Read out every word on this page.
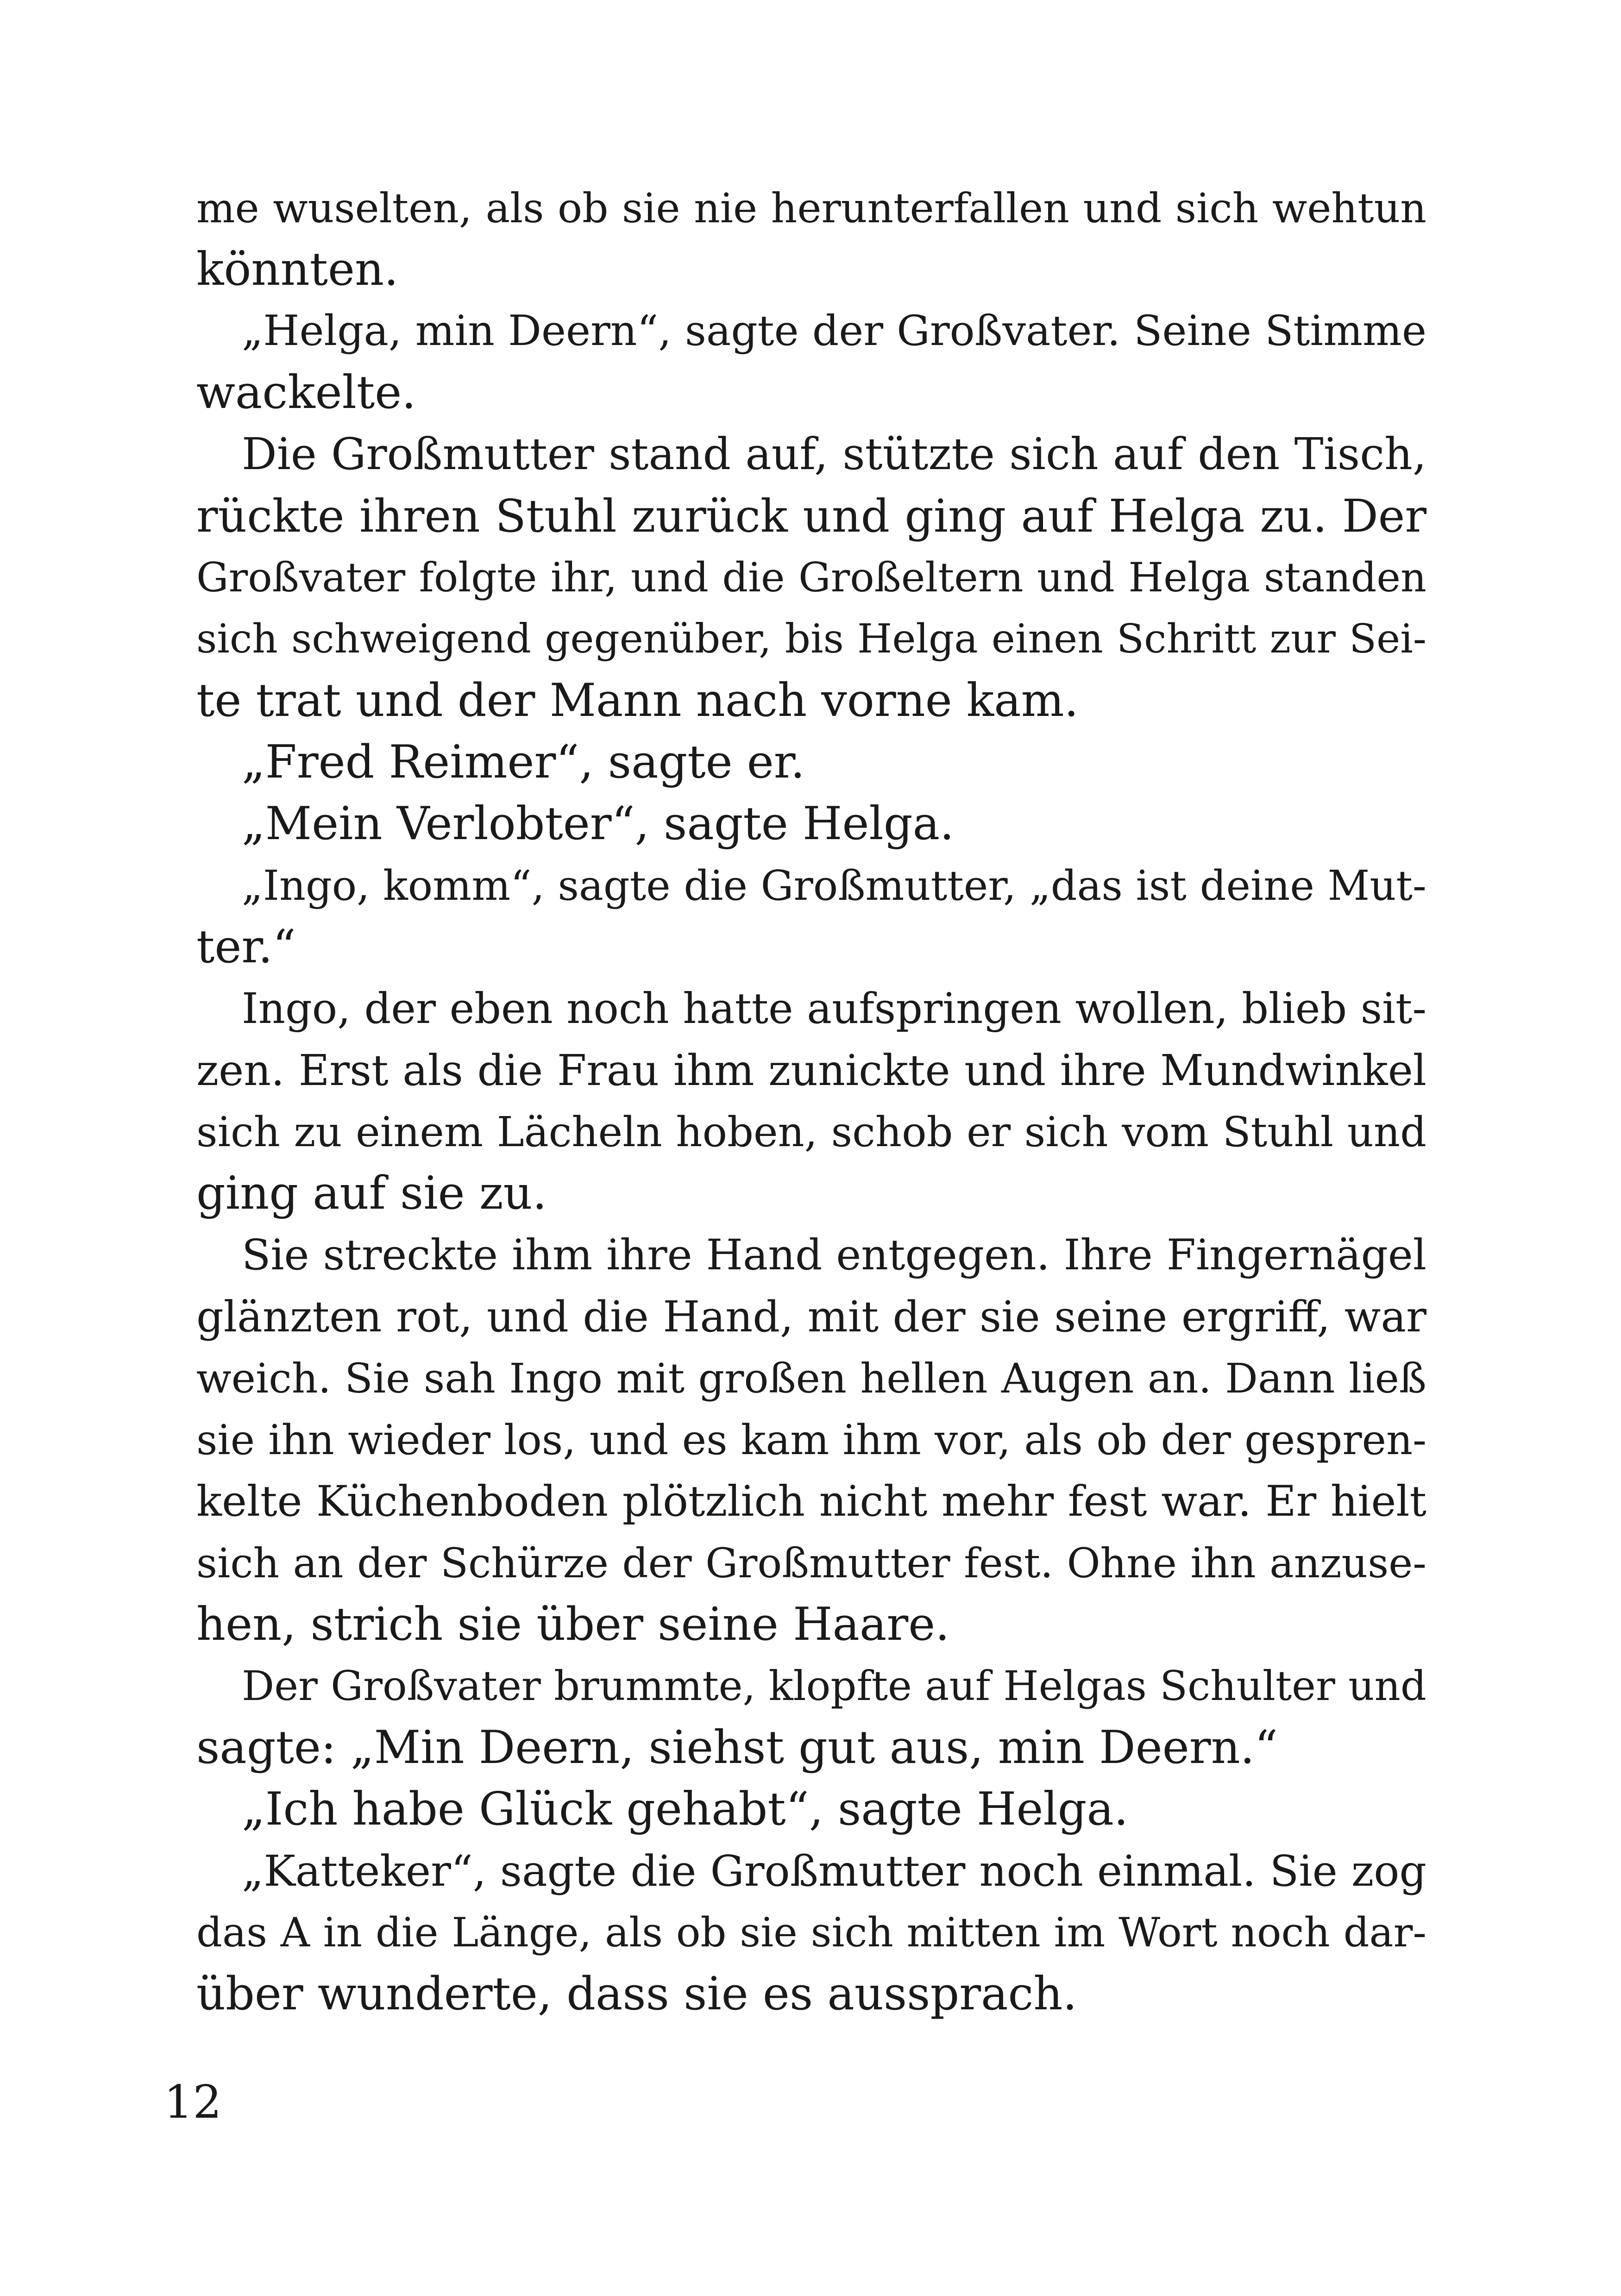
me wuselten, als ob sie nie herunterfallen und sich wehtun
könnten.
„Helga, min Deern“, sagte der Großvater. Seine Stimme
wackelte.
Die Großmutter stand auf, stützte sich auf den Tisch,
rückte ihren Stuhl zurück und ging auf Helga zu. Der
Großvater folgte ihr, und die Großeltern und Helga standen
sich schweigend gegenüber, bis Helga einen Schritt zur Sei-
te trat und der Mann nach vorne kam.
„Fred Reimer“, sagte er.
„Mein Verlobter“, sagte Helga.
„Ingo, komm“, sagte die Großmutter, „das ist deine Mut-
ter.“
Ingo, der eben noch hatte aufspringen wollen, blieb sit-
zen. Erst als die Frau ihm zunickte und ihre Mundwinkel
sich zu einem Lächeln hoben, schob er sich vom Stuhl und
ging auf sie zu.
Sie streckte ihm ihre Hand entgegen. Ihre Fingernägel
glänzten rot, und die Hand, mit der sie seine ergriff, war
weich. Sie sah Ingo mit großen hellen Augen an. Dann ließ
sie ihn wieder los, und es kam ihm vor, als ob der gespren-
kelte Küchenboden plötzlich nicht mehr fest war. Er hielt
sich an der Schürze der Großmutter fest. Ohne ihn anzuse-
hen, strich sie über seine Haare.
Der Großvater brummte, klopfte auf Helgas Schulter und
sagte: „Min Deern, siehst gut aus, min Deern.“
„Ich habe Glück gehabt“, sagte Helga.
„Katteker“, sagte die Großmutter noch einmal. Sie zog
das A in die Länge, als ob sie sich mitten im Wort noch dar-
über wunderte, dass sie es aussprach.
12
